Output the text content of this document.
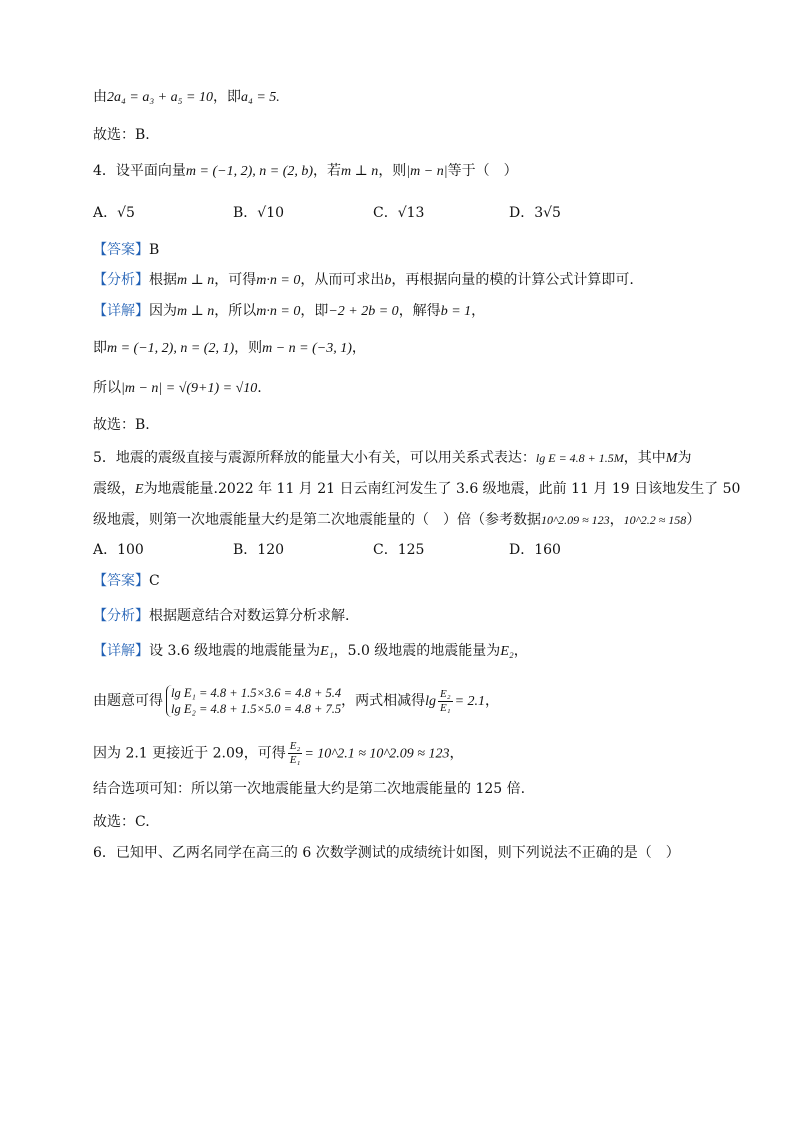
由2a₄ = a₃ + a₅ = 10，即a₄ = 5.
故选：B.
4．设平面向量m = (−1, 2), n = (2, b)，若m ⊥ n，则|m − n|等于（　）
A．√5	B．√10	C．√13	D．3√5
【答案】B
【分析】根据m ⊥ n，可得m·n = 0，从而可求出b，再根据向量的模的计算公式计算即可.
【详解】因为m ⊥ n，所以m·n = 0，即−2 + 2b = 0，解得b = 1，
即m = (−1, 2), n = (2, 1)，则m − n = (−3, 1)，
所以|m − n| = √(9+1) = √10.
故选：B.
5．地震的震级直接与震源所释放的能量大小有关，可以用关系式表达：lg E = 4.8 + 1.5M，其中M为
震级，E为地震能量.2022 年 11 月 21 日云南红河发生了 3.6 级地震，此前 11 月 19 日该地发生了 50
级地震，则第一次地震能量大约是第二次地震能量的（　）倍（参考数据10^2.09 ≈ 123，10^2.2 ≈ 158）
A．100	B．120	C．125	D．160
【答案】C
【分析】根据题意结合对数运算分析求解.
【详解】设 3.6 级地震的地震能量为E₁，5.0 级地震的地震能量为E₂，
由题意可得 lg E₁ = 4.8 + 1.5×3.6 = 4.8 + 5.4
lg E₂ = 4.8 + 1.5×5.0 = 4.8 + 7.5 ，两式相减得$\lg \frac{\text{E₂}}{\text{E₁}} = 2.1$，
因为 2.1 更接近于 2.09，可得 $\frac{\text{E₂}}{\text{E₁}}$ = 10^2.1 ≈ 10^2.09 ≈ 123，
结合选项可知：所以第一次地震能量大约是第二次地震能量的 125 倍.
故选：C.
6．已知甲、乙两名同学在高三的 6 次数学测试的成绩统计如图，则下列说法不正确的是（　）
